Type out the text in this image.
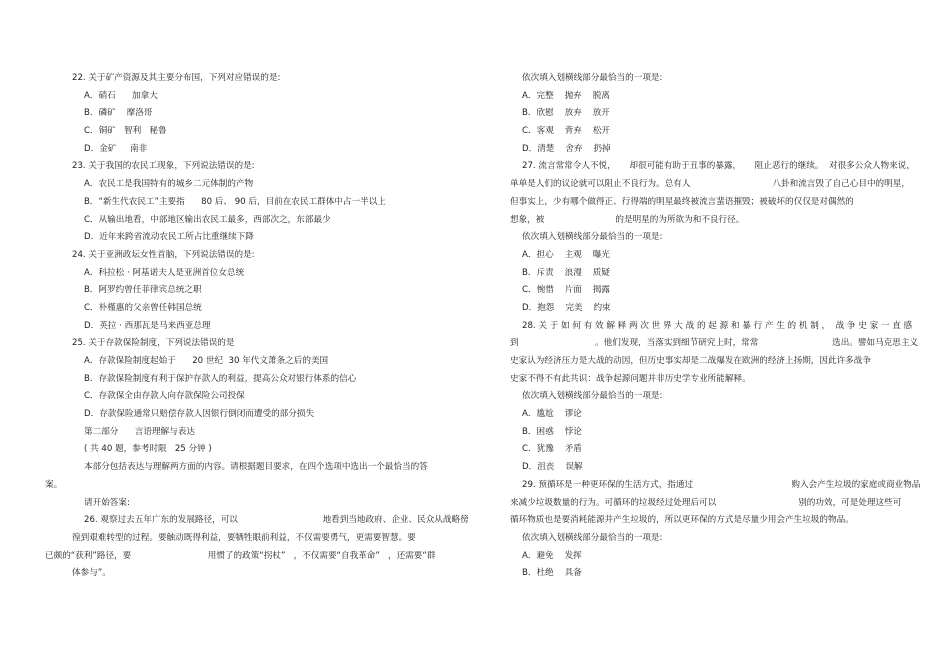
22. 关于矿产资源及其主要分布国，下列对应错误的是:
A．硝石      加拿大
B．磷矿    摩洛哥
C．铜矿   智利   秘鲁
D．金矿     南非
23. 关于我国的农民工现象，下列说法错误的是:
A．农民工是我国特有的城乡二元体制的产物
B．“新生代农民工”主要指      80 后、 90 后，目前在农民工群体中占一半以上
C．从输出地看，中部地区输出农民工最多，西部次之，东部最少
D．近年来跨省流动农民工所占比重继续下降
24. 关于亚洲政坛女性首脑，下列说法错误的是:
A．科拉松 · 阿基诺夫人是亚洲首位女总统
B．阿罗约曾任菲律宾总统之职
C．朴槿惠的父亲曾任韩国总统
D．英拉 · 西那瓦是马来西亚总理
25. 关于存款保险制度，下列说法错误的是
A．存款保险制度起始于      20 世纪  30 年代文萧条之后的美国
B．存款保险制度有利于保护存款人的利益，提高公众对银行体系的信心
C．存款保全由存款人向存款保险公司投保
D．存款保险通常只赔偿存款人因银行倒闭而遭受的部分损失
第二部分      言语理解与表达
( 共 40 题，参考时限   25 分钟 )
本部分包括表达与理解两方面的内容。请根据题目要求，在四个选项中选出一个最恰当的答
案。
请开始答案:
26. 观察过去五年广东的发展路径，可以                               地看到当地政府、企业、民众从战略徬
徨到艰难转型的过程。要触动既得利益，要牺牲眼前利益，不仅需要勇气，更需要智慧。要
已颇的“获利”路径，要                            用惯了的政策“拐杖”   ，不仅需要“自我革命”   ，还需要“群
体参与”。
依次填入划横线部分最恰当的一项是:
A．完整    抛弃    脱离
B．欣慰    放弃    放开
C．客观    背弃    松开
D．清楚    舍弃    扔掉
27. 流言常常令人不悦，     却很可能有助于丑事的暴露，     阻止恶行的继续。  对很多公众人物来说，
单单是人们的议论就可以阻止不良行为。总有人                              八卦和流言毁了自己心目中的明星，
但事实上，少有哪个做得正、行得端的明星最终被流言蜚语摧毁；被破坏的仅仅是对偶然的
想象，被                          的是明星的为所欲为和不良行径。
依次填入划横线部分最恰当的一项是:
A．担心    主观    曝光
B．斥责    浪漫    质疑
C．惋惜    片面    揭露
D．抱怨    完美    约束
28. 关 于 如 何 有 效 解 释 两 次 世 界 大 战 的 起 源 和 暴 行 产 生 的 机 制 ，  战 争 史 家 一 直 感
到                            。他们发现，当落实到细节研究上时，常常                           选出。譬如马克思主义
史家认为经济压力是大战的动因，但历史事实却是二战爆发在欧洲的经济上扬期，因此许多战争
史家不得不有此共识：战争起源问题并非历史学专业所能解释。
依次填入划横线部分最恰当的一项是:
A．尴尬    谬论
B．困惑    悖论
C．犹豫    矛盾
D．沮丧    误解
29. 预循环是一种更环保的生活方式，指通过                                    购入会产生垃圾的家庭或商业物品
来减少垃圾数量的行为。可循环的垃圾经过处理后可以                              别的功效，可是处理这些可
循环物质也是要消耗能源并产生垃圾的，所以更环保的方式是尽量少用会产生垃圾的物品。
依次填入划横线部分最恰当的一项是:
A．避免    发挥
B．杜绝    具备
